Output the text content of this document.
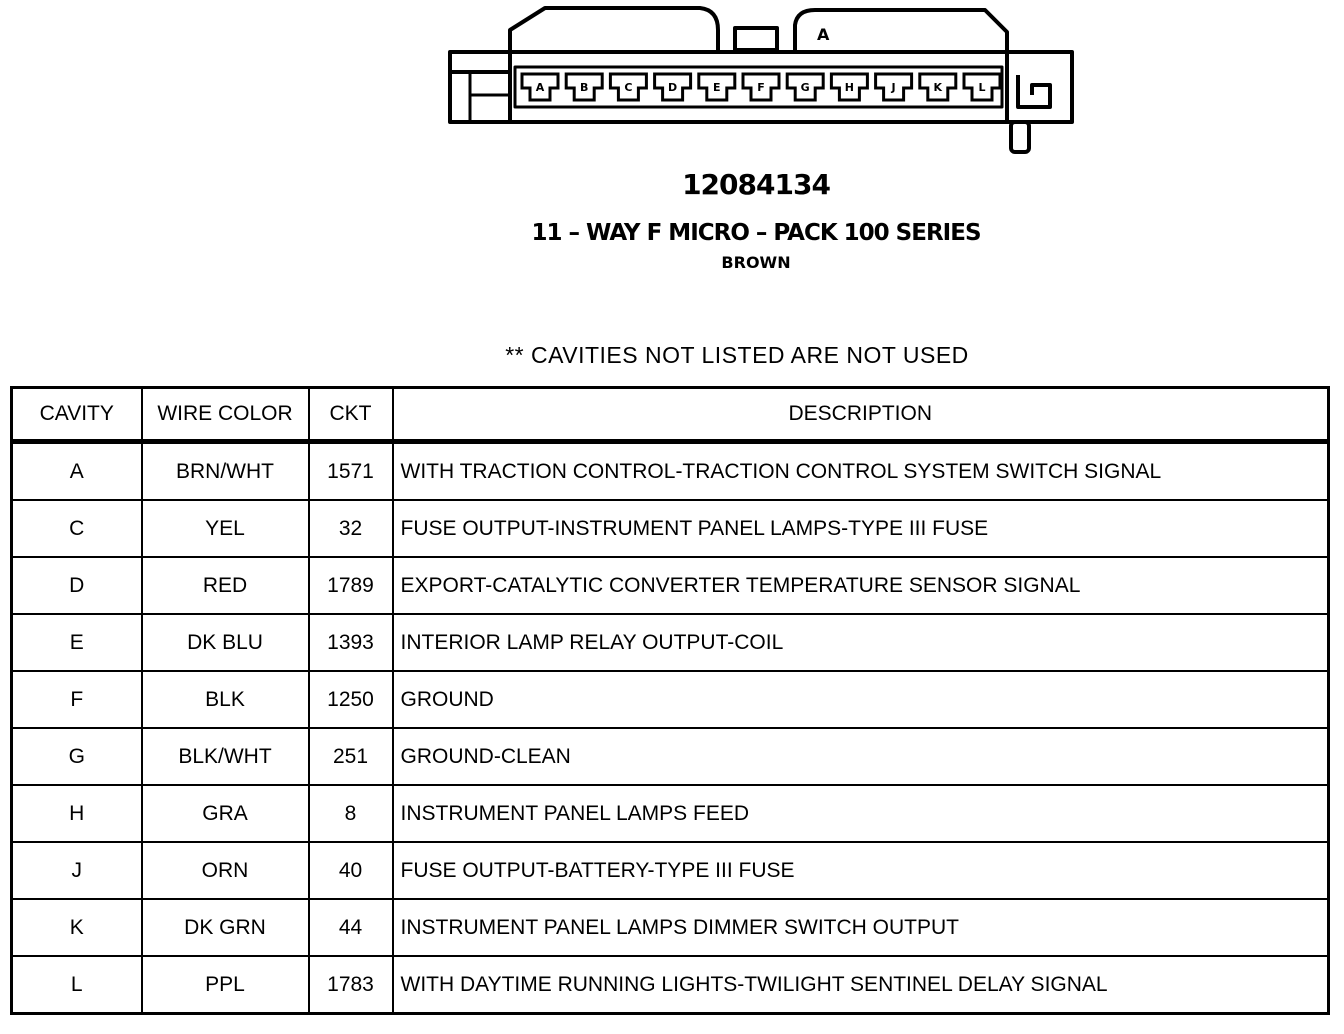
A
A	B	C	D	E	F	G	H	J	K	L
12084134
11 – WAY F MICRO – PACK 100 SERIES
BROWN
** CAVITIES NOT LISTED ARE NOT USED
CAVITY	WIRE COLOR	CKT	DESCRIPTION
A	BRN/WHT	1571	WITH TRACTION CONTROL-TRACTION CONTROL SYSTEM SWITCH SIGNAL
C	YEL	32	FUSE OUTPUT-INSTRUMENT PANEL LAMPS-TYPE III FUSE
D	RED	1789	EXPORT-CATALYTIC CONVERTER TEMPERATURE SENSOR SIGNAL
E	DK BLU	1393	INTERIOR LAMP RELAY OUTPUT-COIL
F	BLK	1250	GROUND
G	BLK/WHT	251	GROUND-CLEAN
H	GRA	8	INSTRUMENT PANEL LAMPS FEED
J	ORN	40	FUSE OUTPUT-BATTERY-TYPE III FUSE
K	DK GRN	44	INSTRUMENT PANEL LAMPS DIMMER SWITCH OUTPUT
L	PPL	1783	WITH DAYTIME RUNNING LIGHTS-TWILIGHT SENTINEL DELAY SIGNAL
